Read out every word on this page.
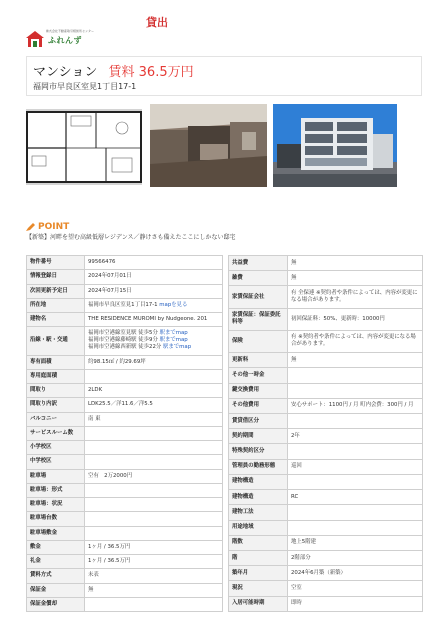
株式会社不動産取引相談所センター
ふれんず
貸出
マンション 賃料 36.5万円
福岡市早良区室見1丁目17-1
POINT
【新築】河畔を望む高級低層レジデンス／静けさも備えたここにしかない邸宅
物件番号	99566476
情報登録日	2024年07月01日
次回更新予定日	2024年07月15日
所在地	福岡市早良区室見1丁目17-1 mapを見る
建物名	THE RESIDENCE MUROMI by Nudgeone. 201
沿線・駅・交通	福岡市空港線室見駅 徒歩5分 駅までmap
福岡市空港線藤崎駅 徒歩9分 駅までmap
福岡市空港線西新駅 徒歩22分 駅までmap

専有面積	約98.15㎡ / 約29.69坪
専用庭面積	
間取り	2LDK
間取り内訳	LDK25.5／洋11.6／洋5.5
バルコニー	南 東
サービスルーム数	
小学校区	
中学校区	
駐車場	空有　2万2000円
駐車場：形式	
駐車場：状況	
駐車場台数	
駐車場敷金	
敷金	1ヶ月 / 36.5万円
礼金	1ヶ月 / 36.5万円
賃料方式	未表
保証金	無
保証金償却	
共益費	無
雑費	無
家賃保証会社	有 全保連 ※契約者や条件によっては、内容が変更になる場合があります。
家賃保証：保証委託料等	初回保証料：50%、更新時：10000円
保険	有 ※契約者や条件によっては、内容が変更になる場合があります。
更新料	無
その他一時金	
鍵交換費用	
その他費用	安心サポート：1100円 / 月 町内会費：300円 / 月
賃貸借区分	
契約期間	2年
特殊契約区分	
管理員の勤務形態	巡回
建物構造	
建物構造	RC
建物工法	
用途地域	
階数	地上5階建
階	2階部分
築年月	2024年6月築（新築）
現況	空室
入居可能時期	即時
